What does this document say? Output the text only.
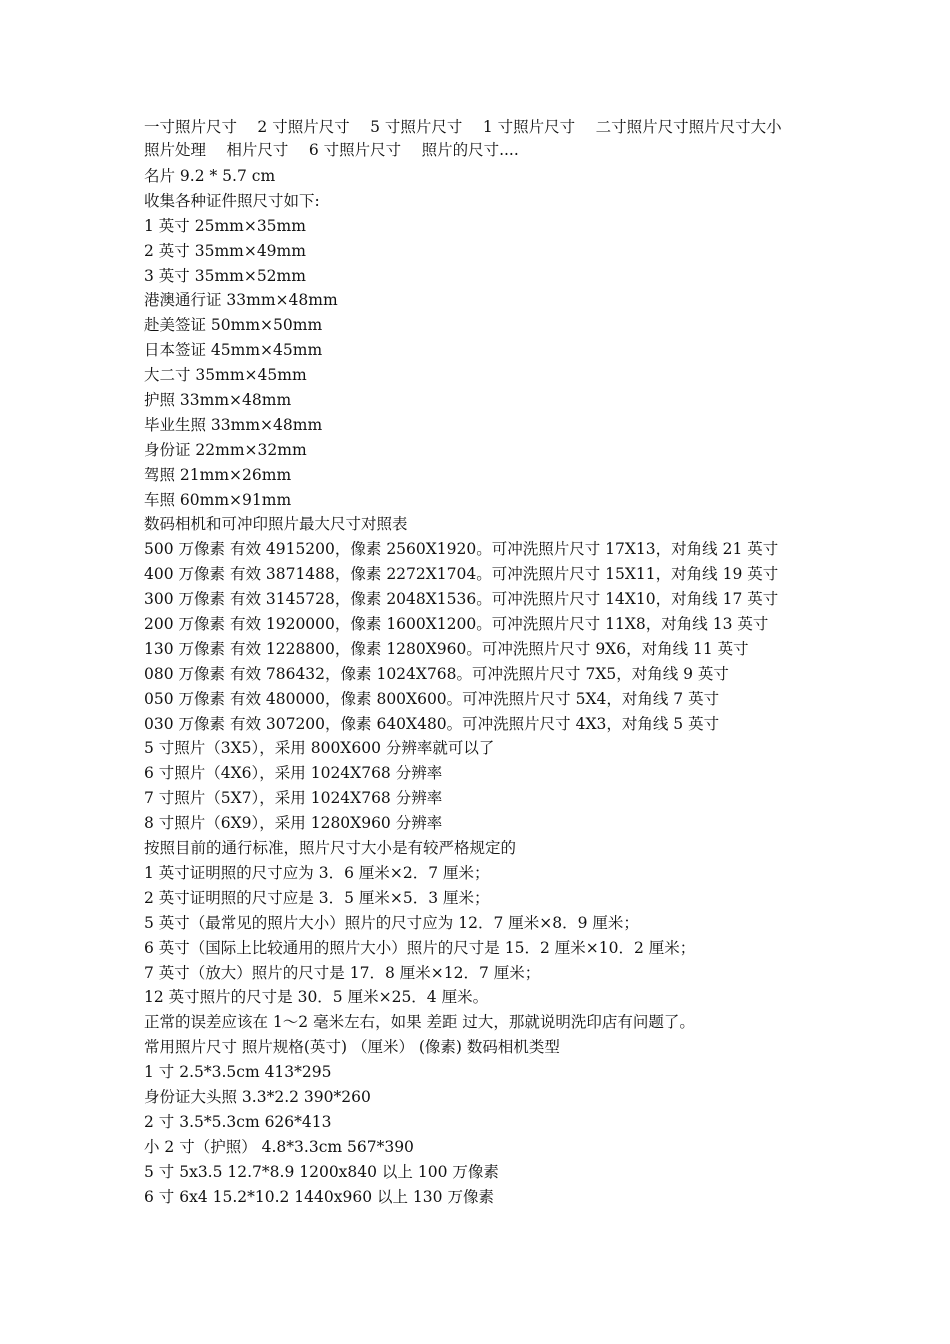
一寸照片尺寸　 2 寸照片尺寸　 5 寸照片尺寸　 1 寸照片尺寸　 二寸照片尺寸照片尺寸大小　 照片处理　 相片尺寸　 6 寸照片尺寸　 照片的尺寸....
名片 9.2 * 5.7 cm
收集各种证件照尺寸如下:
1 英寸 25mm×35mm
2 英寸 35mm×49mm
3 英寸 35mm×52mm
港澳通行证 33mm×48mm
赴美签证 50mm×50mm
日本签证 45mm×45mm
大二寸 35mm×45mm
护照 33mm×48mm
毕业生照 33mm×48mm
身份证 22mm×32mm
驾照 21mm×26mm
车照 60mm×91mm
数码相机和可冲印照片最大尺寸对照表
500 万像素 有效 4915200，像素 2560X1920。可冲洗照片尺寸 17X13，对角线 21 英寸
400 万像素 有效 3871488，像素 2272X1704。可冲洗照片尺寸 15X11，对角线 19 英寸
300 万像素 有效 3145728，像素 2048X1536。可冲洗照片尺寸 14X10，对角线 17 英寸
200 万像素 有效 1920000，像素 1600X1200。可冲洗照片尺寸 11X8，对角线 13 英寸
130 万像素 有效 1228800，像素 1280X960。可冲洗照片尺寸 9X6，对角线 11 英寸
080 万像素 有效 786432，像素 1024X768。可冲洗照片尺寸 7X5，对角线 9 英寸
050 万像素 有效 480000，像素 800X600。可冲洗照片尺寸 5X4，对角线 7 英寸
030 万像素 有效 307200，像素 640X480。可冲洗照片尺寸 4X3，对角线 5 英寸
5 寸照片（3X5），采用 800X600 分辨率就可以了
6 寸照片（4X6），采用 1024X768 分辨率
7 寸照片（5X7），采用 1024X768 分辨率
8 寸照片（6X9），采用 1280X960 分辨率
按照目前的通行标准，照片尺寸大小是有较严格规定的
1 英寸证明照的尺寸应为 3．6 厘米×2．7 厘米；
2 英寸证明照的尺寸应是 3．5 厘米×5．3 厘米；
5 英寸（最常见的照片大小）照片的尺寸应为 12．7 厘米×8．9 厘米；
6 英寸（国际上比较通用的照片大小）照片的尺寸是 15．2 厘米×10．2 厘米；
7 英寸（放大）照片的尺寸是 17．8 厘米×12．7 厘米；
12 英寸照片的尺寸是 30．5 厘米×25．4 厘米。
正常的误差应该在 1～2 毫米左右，如果 差距 过大，那就说明洗印店有问题了。
常用照片尺寸 照片规格(英寸) （厘米） (像素) 数码相机类型
1 寸 2.5*3.5cm 413*295
身份证大头照 3.3*2.2 390*260
2 寸 3.5*5.3cm 626*413
小 2 寸（护照） 4.8*3.3cm 567*390
5 寸 5x3.5 12.7*8.9 1200x840 以上 100 万像素
6 寸 6x4 15.2*10.2 1440x960 以上 130 万像素
